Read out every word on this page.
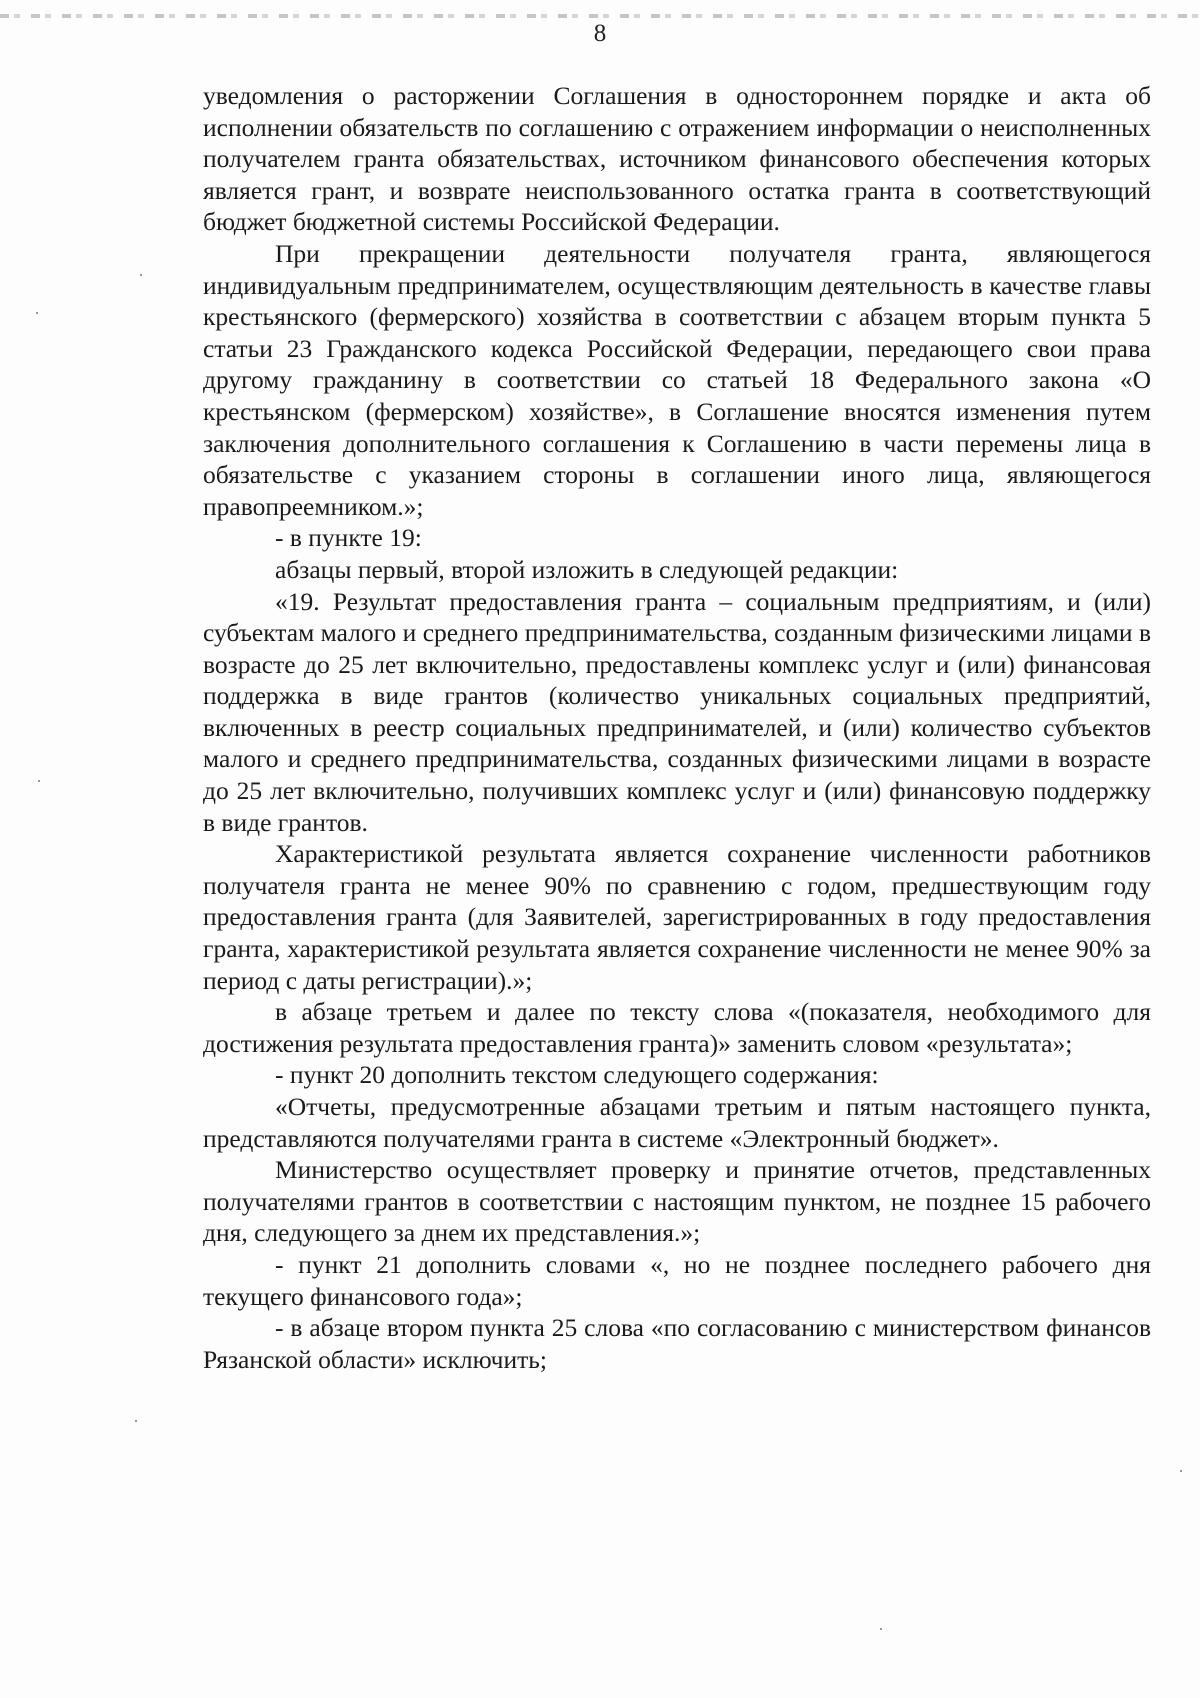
8

уведомления о расторжении Соглашения в одностороннем порядке и акта об исполнении обязательств по соглашению с отражением информации о неисполненных получателем гранта обязательствах, источником финансового обеспечения которых является грант, и возврате неиспользованного остатка гранта в соответствующий бюджет бюджетной системы Российской Федерации.

При прекращении деятельности получателя гранта, являющегося индивидуальным предпринимателем, осуществляющим деятельность в качестве главы крестьянского (фермерского) хозяйства в соответствии с абзацем вторым пункта 5 статьи 23 Гражданского кодекса Российской Федерации, передающего свои права другому гражданину в соответствии со статьей 18 Федерального закона «О крестьянском (фермерском) хозяйстве», в Соглашение вносятся изменения путем заключения дополнительного соглашения к Соглашению в части перемены лица в обязательстве с указанием стороны в соглашении иного лица, являющегося правопреемником.»;

- в пункте 19:

абзацы первый, второй изложить в следующей редакции:

«19. Результат предоставления гранта – социальным предприятиям, и (или) субъектам малого и среднего предпринимательства, созданным физическими лицами в возрасте до 25 лет включительно, предоставлены комплекс услуг и (или) финансовая поддержка в виде грантов (количество уникальных социальных предприятий, включенных в реестр социальных предпринимателей, и (или) количество субъектов малого и среднего предпринимательства, созданных физическими лицами в возрасте до 25 лет включительно, получивших комплекс услуг и (или) финансовую поддержку в виде грантов.

Характеристикой результата является сохранение численности работников получателя гранта не менее 90% по сравнению с годом, предшествующим году предоставления гранта (для Заявителей, зарегистрированных в году предоставления гранта, характеристикой результата является сохранение численности не менее 90% за период с даты регистрации).»;

в абзаце третьем и далее по тексту слова «(показателя, необходимого для достижения результата предоставления гранта)» заменить словом «результата»;

- пункт 20 дополнить текстом следующего содержания:

«Отчеты, предусмотренные абзацами третьим и пятым настоящего пункта, представляются получателями гранта в системе «Электронный бюджет».

Министерство осуществляет проверку и принятие отчетов, представленных получателями грантов в соответствии с настоящим пунктом, не позднее 15 рабочего дня, следующего за днем их представления.»;

- пункт 21 дополнить словами «, но не позднее последнего рабочего дня текущего финансового года»;

- в абзаце втором пункта 25 слова «по согласованию с министерством финансов Рязанской области» исключить;
